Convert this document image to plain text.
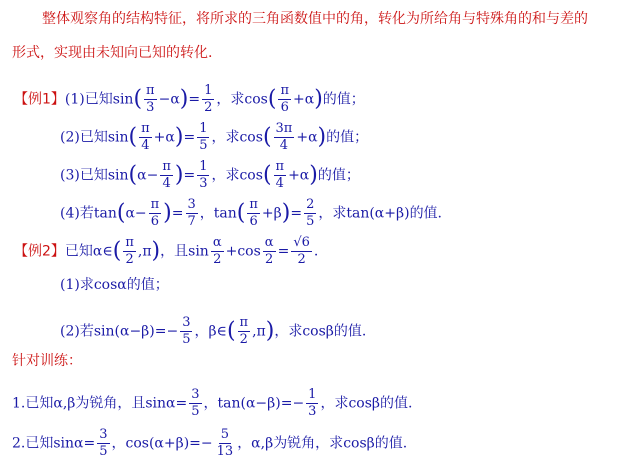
整体观察角的结构特征，将所求的三角函数值中的角，转化为所给角与特殊角的和与差的
形式，实现由未知向已知的转化.
【例1】(1)已知$\sin( \frac{\pi}{3} -\alpha)= \frac{1}{2}$ ，求$\cos( \frac{\pi}{6} +\alpha)$的值；
(2)已知$\sin( \frac{\pi}{4} +\alpha)= \frac{1}{5}$ ，求$\cos( \frac{3\pi}{4} +\alpha)$的值；
(3)已知$\sin(\alpha- \frac{\pi}{4}$ )= $\frac{1}{3}$ ，求$\cos( \frac{\pi}{4} +\alpha)$的值；
(4)若$\tan(\alpha- \frac{\pi}{6}$ )= $\frac{3}{7}$ ，$\tan( \frac{\pi}{6} +\beta)= \frac{2}{5}$ ，求tan(α+β)的值.
【例2】已知α∈( $\frac{\pi}{2} ,\pi$)，且$\sin \frac{\alpha}{2} +\cos \frac{\alpha}{2} = \frac{√6}{2}$ .
(1)求cosα的值；
(2)若$\sin(\alpha-\beta)=- \frac{3}{5}$ ，β∈( $\frac{\pi}{2} ,\pi$)，求cosβ的值.
针对训练：
1.已知α,β为锐角，且$\sin\alpha= \frac{3}{5}$ ，$\tan(\alpha-\beta)=- \frac{1}{3}$ ，求cosβ的值.
2.已知$\sin\alpha= \frac{3}{5}$ ，$\cos(\alpha+\beta)=- \frac{5}{13}$ ，α,β为锐角，求cosβ的值.
